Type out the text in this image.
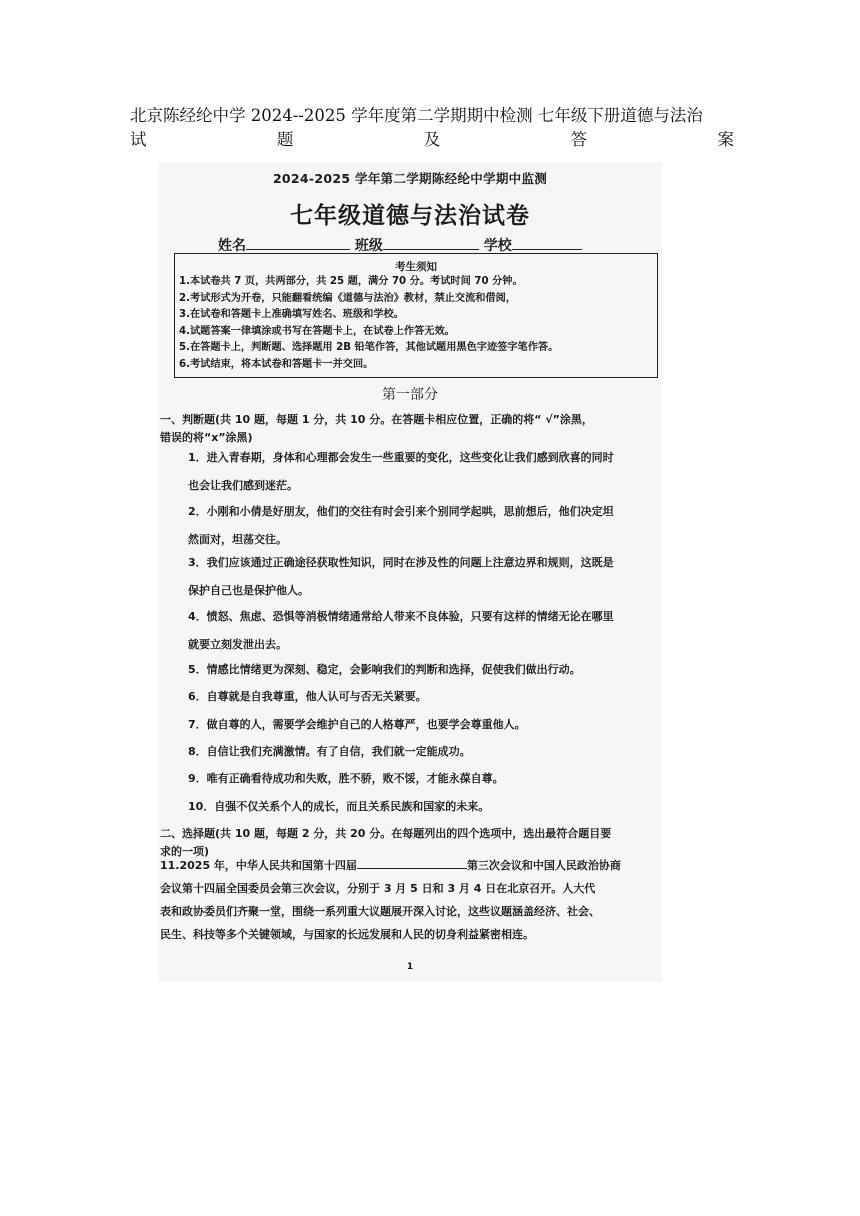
北京陈经纶中学 2024--2025 学年度第二学期期中检测 七年级下册道德与法治
试	题	及	答	案
2024-2025 学年第二学期陈经纶中学期中监测
七年级道德与法治试卷
姓名	班级	学校
考生须知
1.本试卷共 7 页，共两部分，共 25 题，满分 70 分。考试时间 70 分钟。
2.考试形式为开卷，只能翻看统编《道德与法治》教材，禁止交流和借阅，
3.在试卷和答题卡上准确填写姓名、班级和学校。
4.试题答案一律填涂或书写在答题卡上，在试卷上作答无效。
5.在答题卡上，判断题、选择题用 2B 铅笔作答，其他试题用黑色字迹签字笔作答。
6.考试结束，将本试卷和答题卡一并交回。
第一部分
一、判断题(共 10 题，每题 1 分，共 10 分。在答题卡相应位置，正确的将“ √”涂黑，
错误的将“x”涂黑)
1．进入青春期，身体和心理都会发生一些重要的变化，这些变化让我们感到欣喜的同时
也会让我们感到迷茫。
2．小刚和小倩是好朋友，他们的交往有时会引来个别同学起哄，思前想后，他们决定坦
然面对，坦荡交往。
3．我们应该通过正确途径获取性知识，同时在涉及性的问题上注意边界和规则，这既是
保护自己也是保护他人。
4．愤怒、焦虑、恐惧等消极情绪通常给人带来不良体验，只要有这样的情绪无论在哪里
就要立刻发泄出去。
5．情感比情绪更为深刻、稳定，会影响我们的判断和选择，促使我们做出行动。
6．自尊就是自我尊重，他人认可与否无关紧要。
7．做自尊的人，需要学会维护自己的人格尊严，也要学会尊重他人。
8．自信让我们充满激情。有了自信，我们就一定能成功。
9．唯有正确看待成功和失败，胜不骄，败不馁，才能永葆自尊。
10．自强不仅关系个人的成长，而且关系民族和国家的未来。
二、选择题(共 10 题，每题 2 分，共 20 分。在每题列出的四个选项中，选出最符合题目要
求的一项)
11.2025 年，中华人民共和国第十四届	第三次会议和中国人民政治协商
会议第十四届全国委员会第三次会议，分别于 3 月 5 日和 3 月 4 日在北京召开。人大代
表和政协委员们齐聚一堂，围绕一系列重大议题展开深入讨论，这些议题涵盖经济、社会、
民生、科技等多个关键领域，与国家的长远发展和人民的切身利益紧密相连。
1
